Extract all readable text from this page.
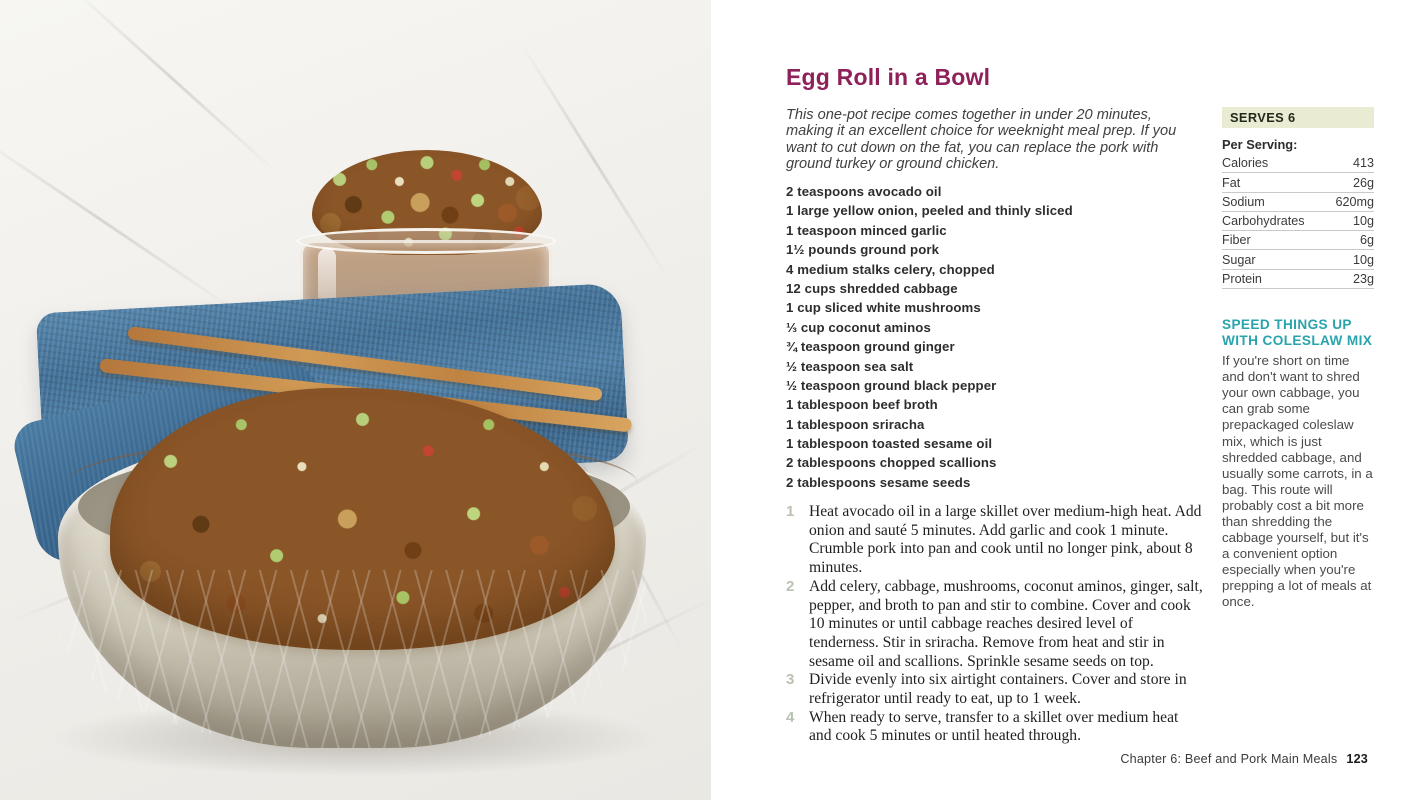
Egg Roll in a Bowl

This one-pot recipe comes together in under 20 minutes, making it an excellent choice for weeknight meal prep. If you want to cut down on the fat, you can replace the pork with ground turkey or ground chicken.

2 teaspoons avocado oil
1 large yellow onion, peeled and thinly sliced
1 teaspoon minced garlic
1½ pounds ground pork
4 medium stalks celery, chopped
12 cups shredded cabbage
1 cup sliced white mushrooms
⅓ cup coconut aminos
¾ teaspoon ground ginger
½ teaspoon sea salt
½ teaspoon ground black pepper
1 tablespoon beef broth
1 tablespoon sriracha
1 tablespoon toasted sesame oil
2 tablespoons chopped scallions
2 tablespoons sesame seeds
1 Heat avocado oil in a large skillet over medium-high heat. Add onion and sauté 5 minutes. Add garlic and cook 1 minute. Crumble pork into pan and cook until no longer pink, about 8 minutes.
2 Add celery, cabbage, mushrooms, coconut aminos, ginger, salt, pepper, and broth to pan and stir to combine. Cover and cook 10 minutes or until cabbage reaches desired level of tenderness. Stir in sriracha. Remove from heat and stir in sesame oil and scallions. Sprinkle sesame seeds on top.
3 Divide evenly into six airtight containers. Cover and store in refrigerator until ready to eat, up to 1 week.
4 When ready to serve, transfer to a skillet over medium heat and cook 5 minutes or until heated through.
SERVES 6
Per Serving:
Calories	413
Fat	26g
Sodium	620mg
Carbohydrates	10g
Fiber	6g
Sugar	10g
Protein	23g
SPEED THINGS UP WITH COLESLAW MIX

If you're short on time and don't want to shred your own cabbage, you can grab some prepackaged coleslaw mix, which is just shredded cabbage, and usually some carrots, in a bag. This route will probably cost a bit more than shredding the cabbage yourself, but it's a convenient option especially when you're prepping a lot of meals at once.

Chapter 6: Beef and Pork Main Meals 123
